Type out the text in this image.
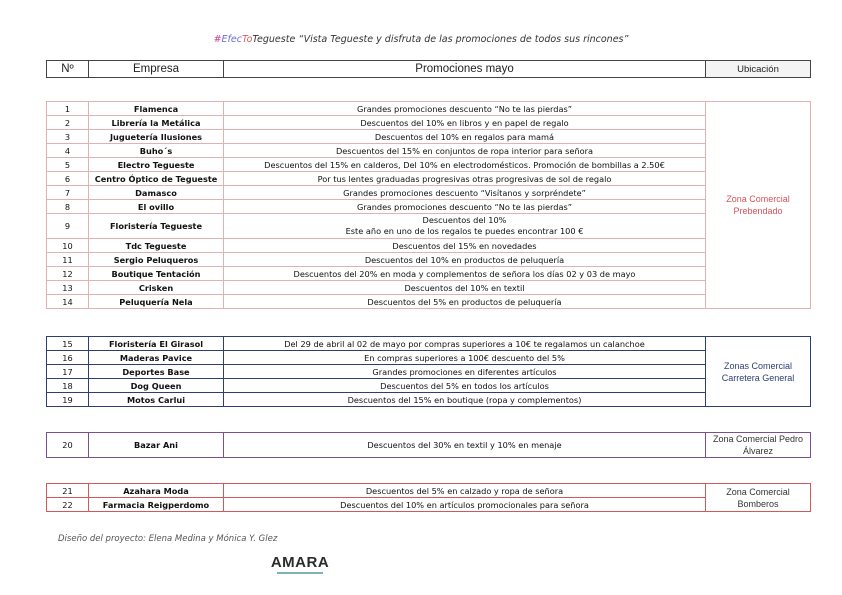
#EfecToTegueste “Vista Tegueste y disfruta de las promociones de todos sus rincones”
Nº	Empresa	Promociones mayo	Ubicación
1	Flamenca	Grandes promociones descuento “No te las pierdas”	Zona Comercial Prebendado
2	Librería la Metálica	Descuentos del 10% en libros y en papel de regalo	
3	Juguetería Ilusiones	Descuentos del 10% en regalos para mamá	
4	Buho´s	Descuentos del 15% en conjuntos de ropa interior para señora	
5	Electro Tegueste	Descuentos del 15% en calderos, Del 10% en electrodomésticos. Promoción de bombillas a 2.50€	
6	Centro Óptico de Tegueste	Por tus lentes graduadas progresivas otras progresivas de sol de regalo	
7	Damasco	Grandes promociones descuento “Visítanos y sorpréndete”	
8	El ovillo	Grandes promociones descuento “No te las pierdas”	
9	Floristería Tegueste	Descuentos del 10%
Este año en uno de los regalos te puedes encontrar 100 €	
10	Tdc Tegueste	Descuentos del 15% en novedades	
11	Sergio Peluqueros	Descuentos del 10% en productos de peluquería	
12	Boutique Tentación	Descuentos del 20% en moda y complementos de señora los días 02 y 03 de mayo	
13	Crisken	Descuentos del 10% en textil	
14	Peluquería Nela	Descuentos del 5% en productos de peluquería	
15	Floristería El Girasol	Del 29 de abril al 02 de mayo por compras superiores a 10€ te regalamos un calanchoe	Zonas Comercial Carretera General
16	Maderas Pavice	En compras superiores a 100€ descuento del 5%	
17	Deportes Base	Grandes promociones en diferentes artículos	
18	Dog Queen	Descuentos del 5% en todos los artículos	
19	Motos Carlui	Descuentos del 15% en boutique (ropa y complementos)	
20	Bazar Ani	Descuentos del 30% en textil y 10% en menaje	Zona Comercial Pedro Álvarez
21	Azahara Moda	Descuentos del 5% en calzado y ropa de señora	Zona Comercial Bomberos
22	Farmacia Reigperdomo	Descuentos del 10% en artículos promocionales para señora	
Diseño del proyecto: Elena Medina y Mónica Y. Glez
AMARA
